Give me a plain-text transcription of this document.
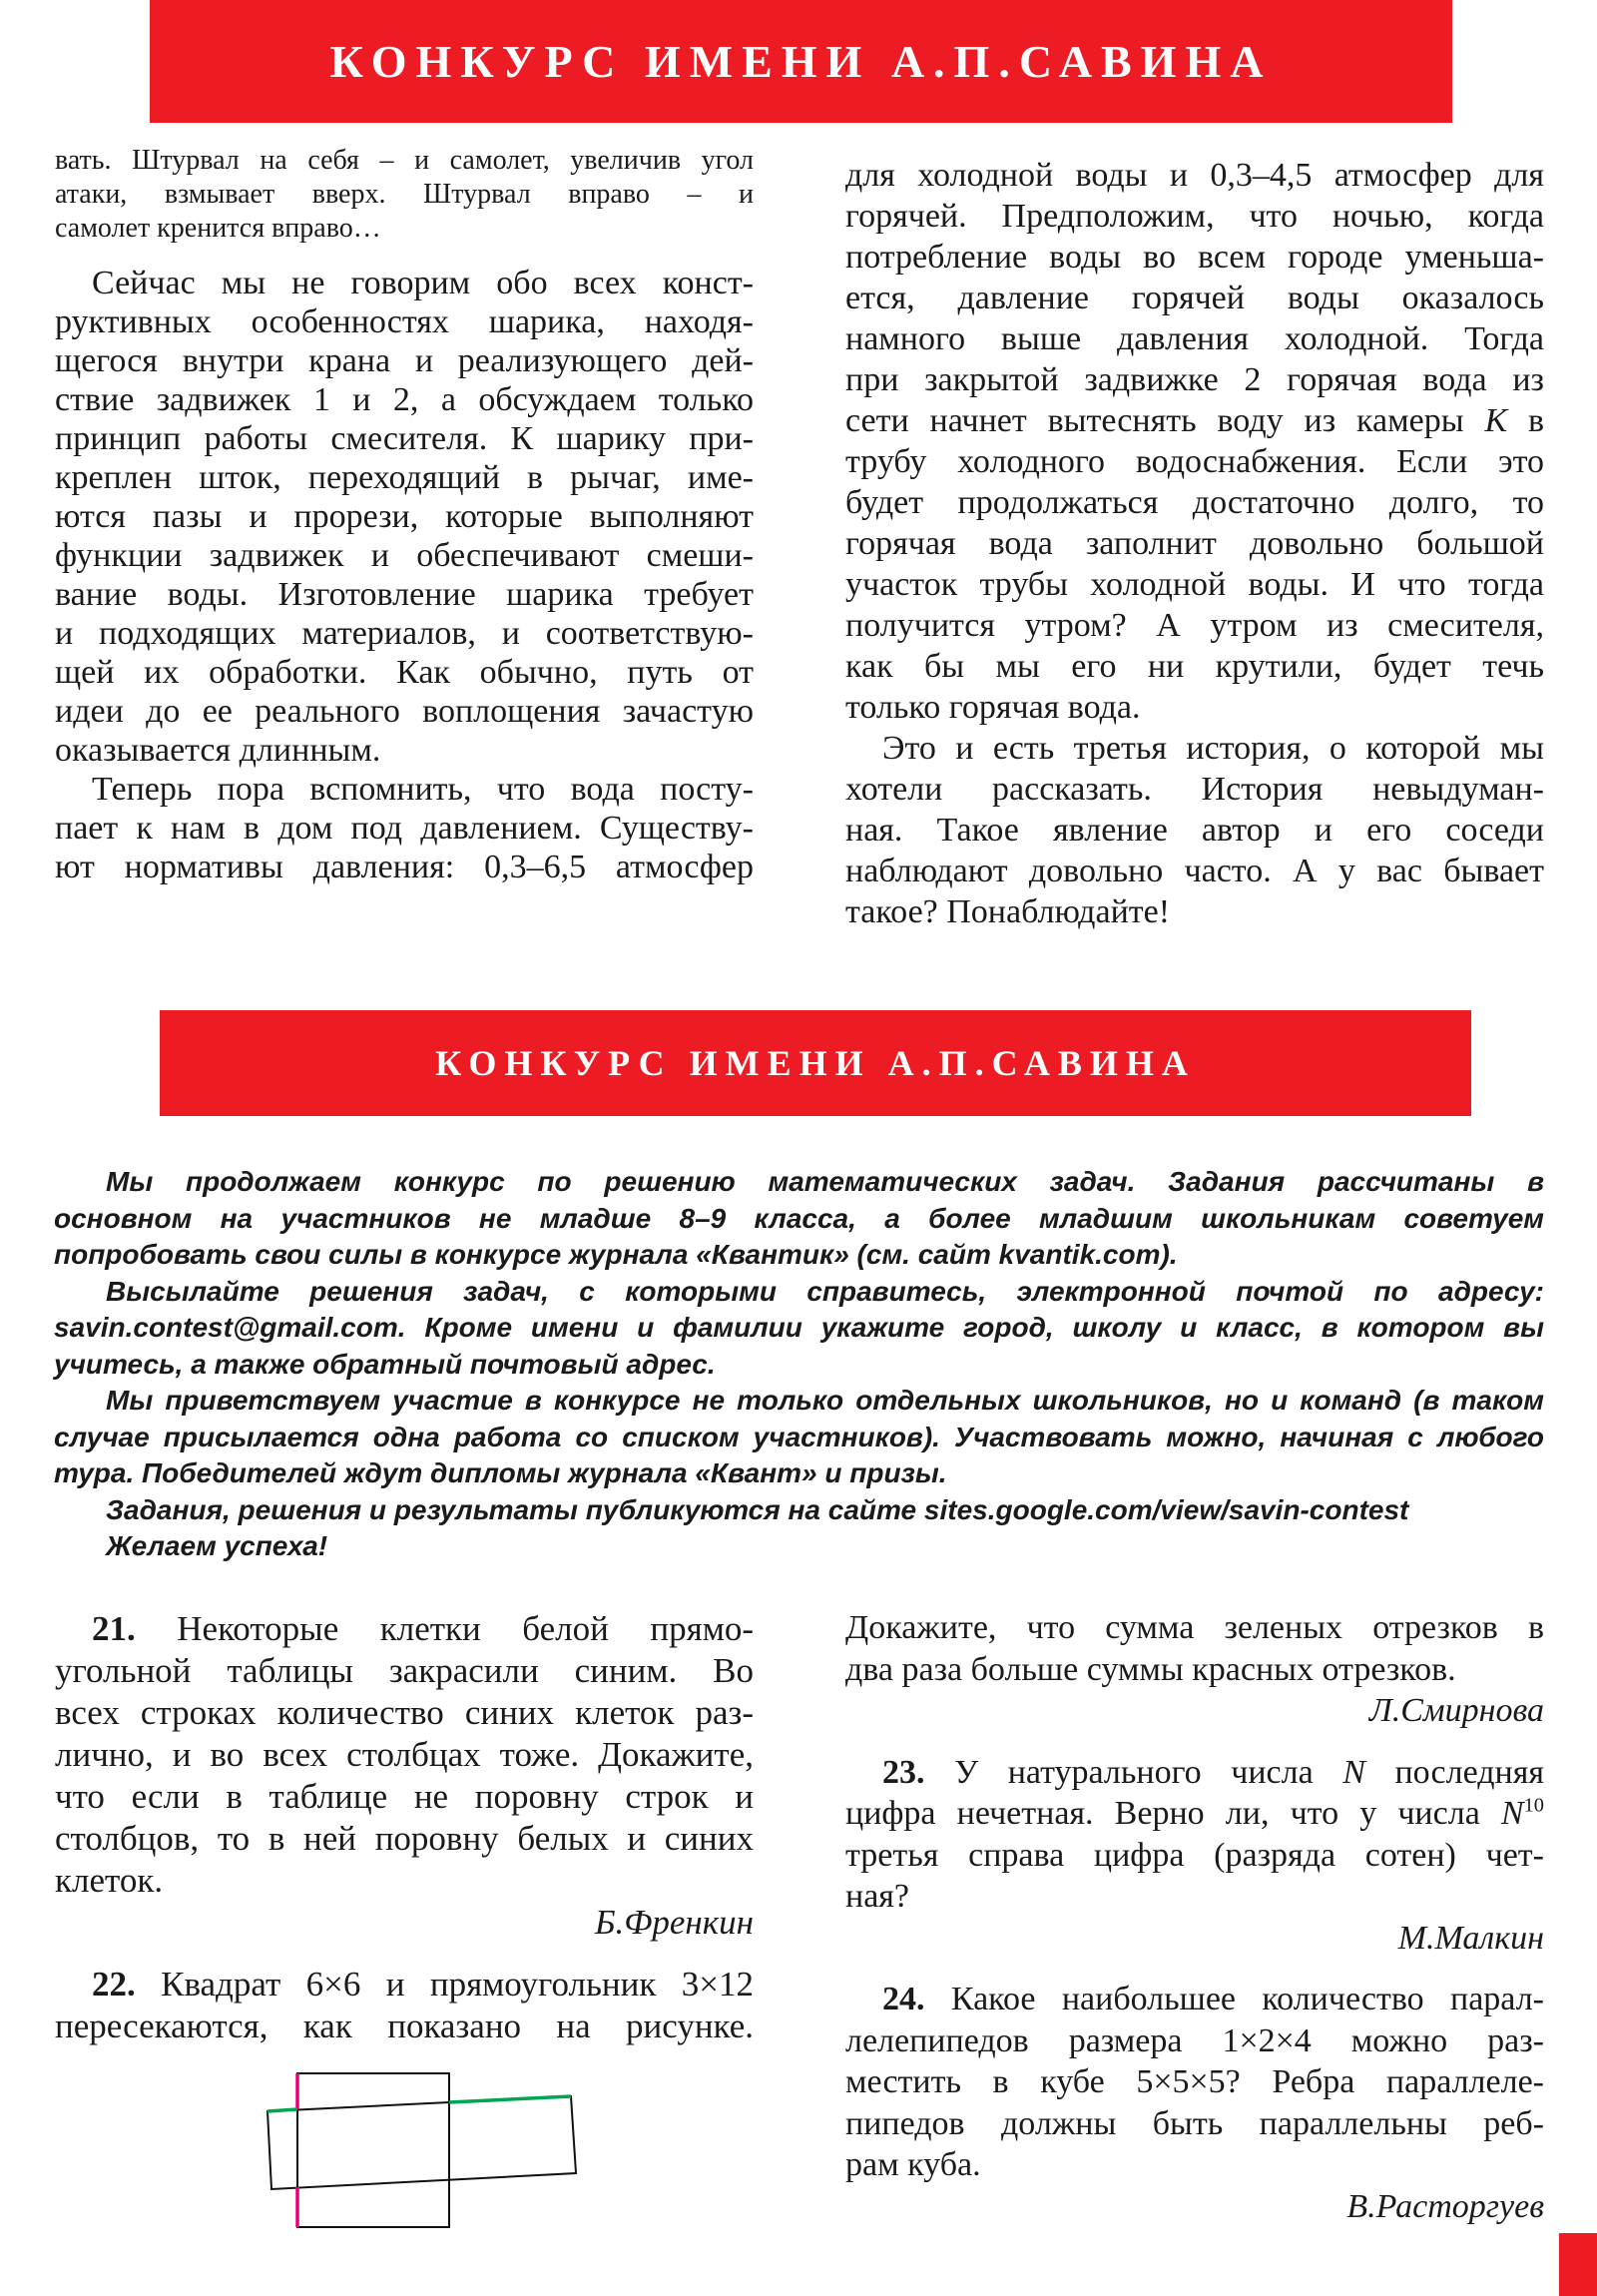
КОНКУРС ИМЕНИ А.П.САВИНА
вать. Штурвал на себя – и самолет, увеличив угол
атаки, взмывает вверх. Штурвал вправо – и
самолет кренится вправо…
Сейчас мы не говорим обо всех конст-
руктивных особенностях шарика, находя-
щегося внутри крана и реализующего дей-
ствие задвижек 1 и 2, а обсуждаем только
принцип работы смесителя. К шарику при-
креплен шток, переходящий в рычаг, име-
ются пазы и прорези, которые выполняют
функции задвижек и обеспечивают смеши-
вание воды. Изготовление шарика требует
и подходящих материалов, и соответствую-
щей их обработки. Как обычно, путь от
идеи до ее реального воплощения зачастую
оказывается длинным.
Теперь пора вспомнить, что вода посту-
пает к нам в дом под давлением. Существу-
ют нормативы давления: 0,3–6,5 атмосфер
для холодной воды и 0,3–4,5 атмосфер для
горячей. Предположим, что ночью, когда
потребление воды во всем городе уменьша-
ется, давление горячей воды оказалось
намного выше давления холодной. Тогда
при закрытой задвижке 2 горячая вода из
сети начнет вытеснять воду из камеры К в
трубу холодного водоснабжения. Если это
будет продолжаться достаточно долго, то
горячая вода заполнит довольно большой
участок трубы холодной воды. И что тогда
получится утром? А утром из смесителя,
как бы мы его ни крутили, будет течь
только горячая вода.
Это и есть третья история, о которой мы
хотели рассказать. История невыдуман-
ная. Такое явление автор и его соседи
наблюдают довольно часто. А у вас бывает
такое? Понаблюдайте!
КОНКУРС ИМЕНИ А.П.САВИНА
Мы продолжаем конкурс по решению математических задач. Задания рассчитаны в
основном на участников не младше 8–9 класса, а более младшим школьникам советуем
попробовать свои силы в конкурсе журнала «Квантик» (см. сайт kvantik.com).
Высылайте решения задач, с которыми справитесь, электронной почтой по адресу:
savin.contest@gmail.com. Кроме имени и фамилии укажите город, школу и класс, в котором вы
учитесь, а также обратный почтовый адрес.
Мы приветствуем участие в конкурсе не только отдельных школьников, но и команд (в таком
случае присылается одна работа со списком участников). Участвовать можно, начиная с любого
тура. Победителей ждут дипломы журнала «Квант» и призы.
Задания, решения и результаты публикуются на сайте sites.google.com/view/savin-contest
Желаем успеха!
21. Некоторые клетки белой прямо-
угольной таблицы закрасили синим. Во
всех строках количество синих клеток раз-
лично, и во всех столбцах тоже. Докажите,
что если в таблице не поровну строк и
столбцов, то в ней поровну белых и синих
клеток.
Б.Френкин
22. Квадрат 6×6 и прямоугольник 3×12
пересекаются, как показано на рисунке.
Докажите, что сумма зеленых отрезков в
два раза больше суммы красных отрезков.
Л.Смирнова
23. У натурального числа N последняя
цифра нечетная. Верно ли, что у числа $N^{10}$
третья справа цифра (разряда сотен) чет-
ная?
М.Малкин
24. Какое наибольшее количество парал-
лелепипедов размера 1×2×4 можно раз-
местить в кубе 5×5×5? Ребра параллеле-
пипедов должны быть параллельны реб-
рам куба.
В.Расторгуев
